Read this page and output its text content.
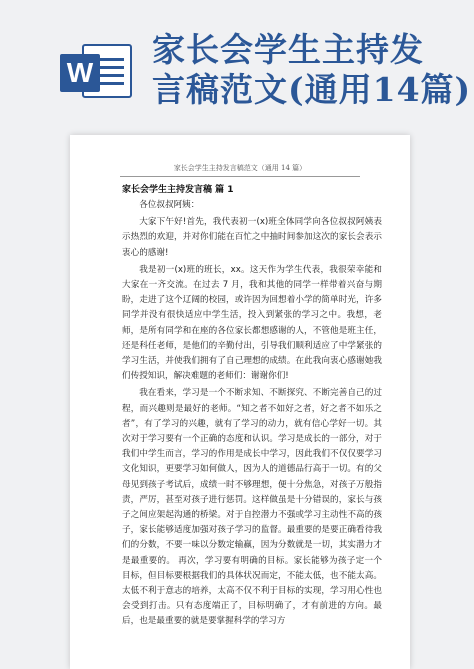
W
家长会学生主持发
言稿范文(通用14篇)
家长会学生主持发言稿范文（通用 14 篇）
家长会学生主持发言稿 篇 1

各位叔叔阿姨：

大家下午好!首先，我代表初一(x)班全体同学向各位叔叔阿姨表示热烈的欢迎，并对你们能在百忙之中抽时间参加这次的家长会表示衷心的感谢!

我是初一(x)班的班长，xx。这天作为学生代表，我很荣幸能和大家在一齐交流。在过去 7 月，我和其他的同学一样带着兴奋与期盼，走进了这个辽阔的校园，或许因为回想着小学的简单时光，许多同学并没有很快适应中学生活，投入到紧张的学习之中。我想，老师，是所有同学和在座的各位家长都想感谢的人，不管他是班主任，还是科任老师，是他们的辛勤付出，引导我们顺利适应了中学紧张的学习生活，并使我们拥有了自己理想的成绩。在此我向衷心感谢她我们传授知识，解决难题的老师们：谢谢你们!

我在看来，学习是一个不断求知、不断探究、不断完善自己的过程，而兴趣则是最好的老师。“知之者不如好之者，好之者不如乐之者”，有了学习的兴趣，就有了学习的动力，就有信心学好一切。其次对于学习要有一个正确的态度和认识。学习是成长的一部分，对于我们中学生而言，学习的作用是成长中学习，因此我们不仅仅要学习文化知识，更要学习如何做人，因为人的道德品行高于一切。有的父母见到孩子考试后，成绩一时不够理想，便十分焦急，对孩子万般指责，严厉，甚至对孩子进行惩罚。这样做虽是十分错误的，家长与孩子之间应架起沟通的桥梁。对于自控潜力不强或学习主动性不高的孩子，家长能够适度加强对孩子学习的监督。最重要的是要正确看待我们的分数，不要一味以分数定输赢，因为分数就是一切，其实潜力才是最重要的。 再次，学习要有明确的目标。家长能够为孩子定一个目标，但目标要根据我们的具体状况而定，不能太低，也不能太高。太低不利于意志的培养，太高不仅不利于目标的实现，学习用心性也会受到打击。只有态度端正了，目标明确了，才有前进的方向。最后，也是最重要的就是要掌握科学的学习方
